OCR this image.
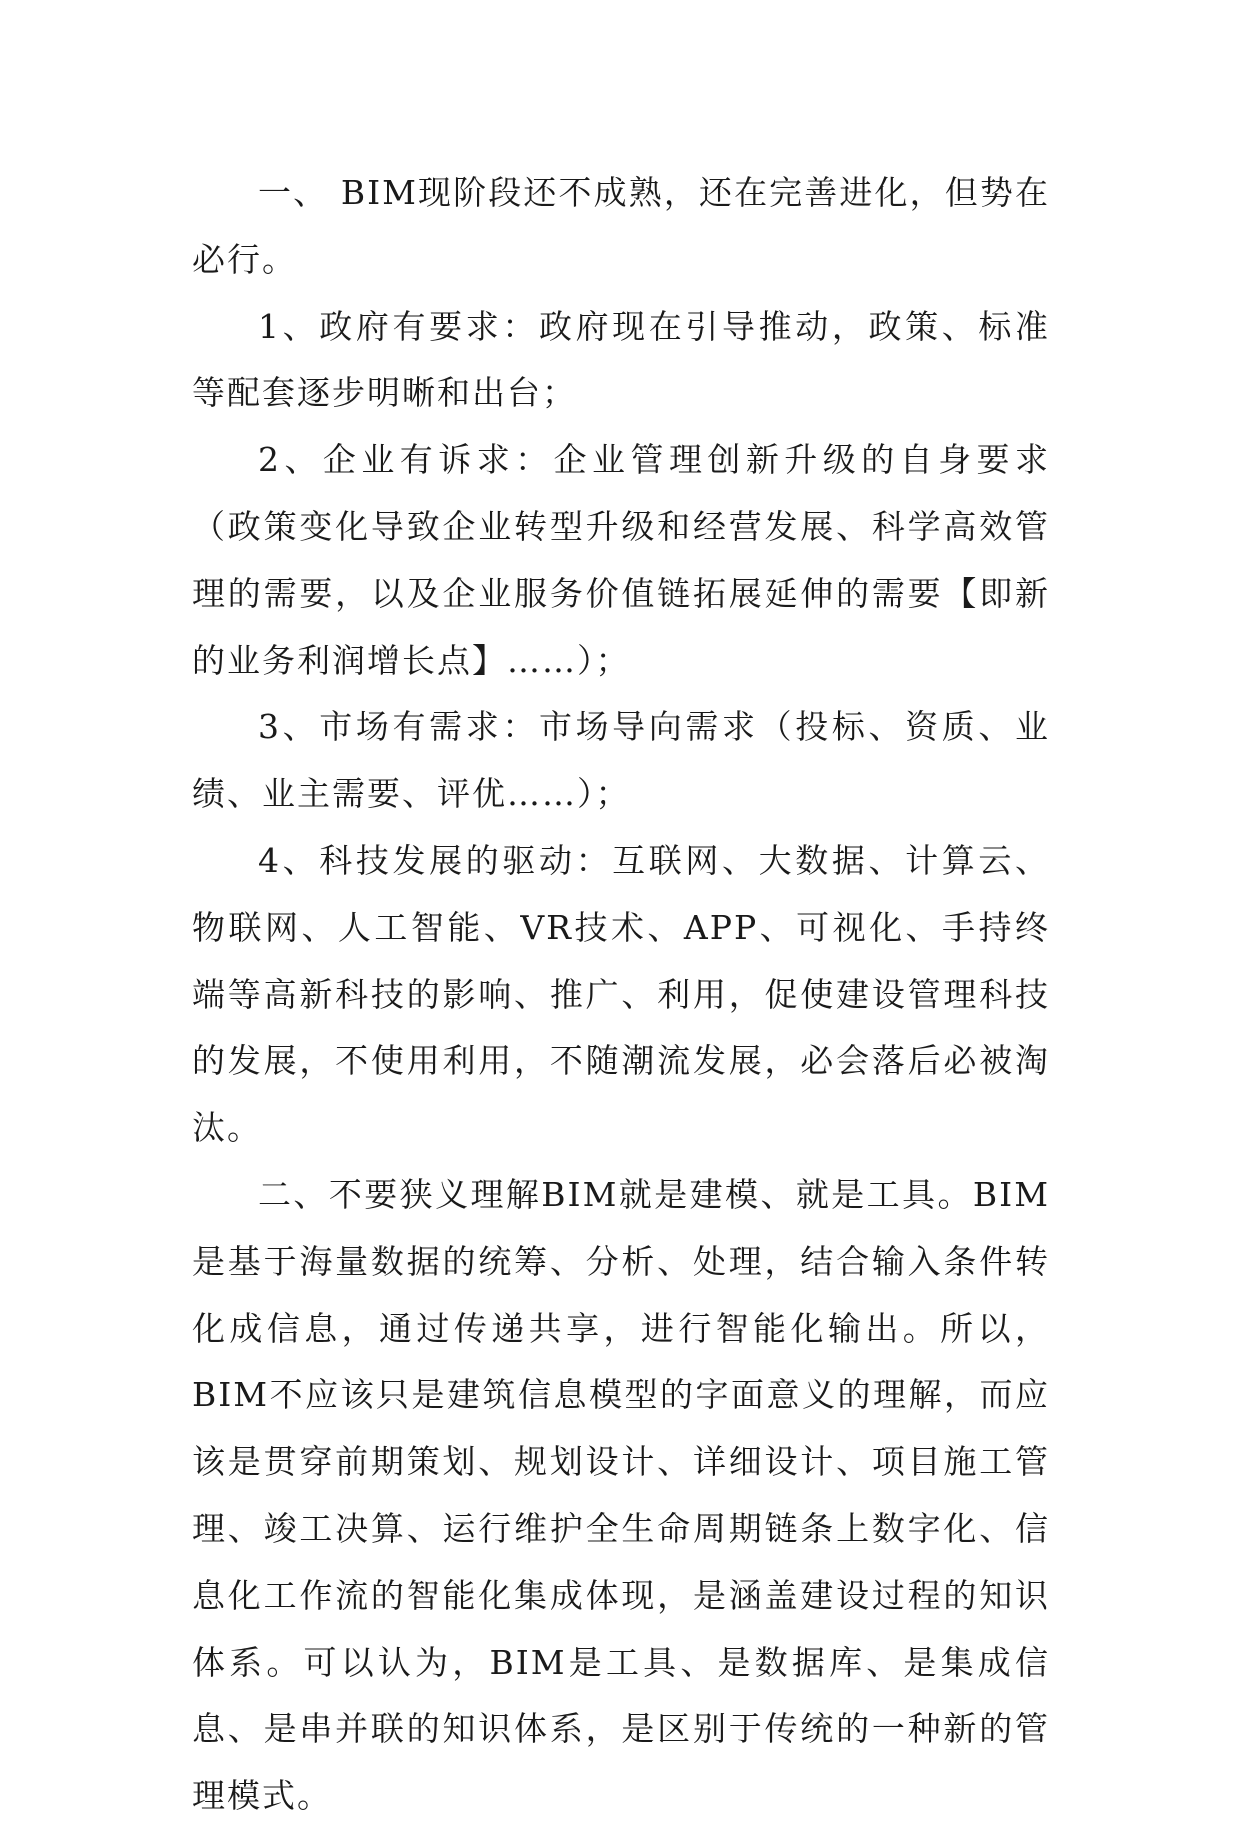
一、 BIM现阶段还不成熟，还在完善进化，但势在必行。

1、政府有要求：政府现在引导推动，政策、标准等配套逐步明晰和出台；

2、企业有诉求：企业管理创新升级的自身要求（政策变化导致企业转型升级和经营发展、科学高效管理的需要，以及企业服务价值链拓展延伸的需要【即新的业务利润增长点】……）；

3、市场有需求：市场导向需求（投标、资质、业绩、业主需要、评优……）；

4、科技发展的驱动：互联网、大数据、计算云、物联网、人工智能、VR技术、APP、可视化、手持终端等高新科技的影响、推广、利用，促使建设管理科技的发展，不使用利用，不随潮流发展，必会落后必被淘汰。

二、不要狭义理解BIM就是建模、就是工具。BIM是基于海量数据的统筹、分析、处理，结合输入条件转化成信息，通过传递共享，进行智能化输出。所以，BIM不应该只是建筑信息模型的字面意义的理解，而应该是贯穿前期策划、规划设计、详细设计、项目施工管理、竣工决算、运行维护全生命周期链条上数字化、信息化工作流的智能化集成体现，是涵盖建设过程的知识体系。可以认为，BIM是工具、是数据库、是集成信息、是串并联的知识体系，是区别于传统的一种新的管理模式。
